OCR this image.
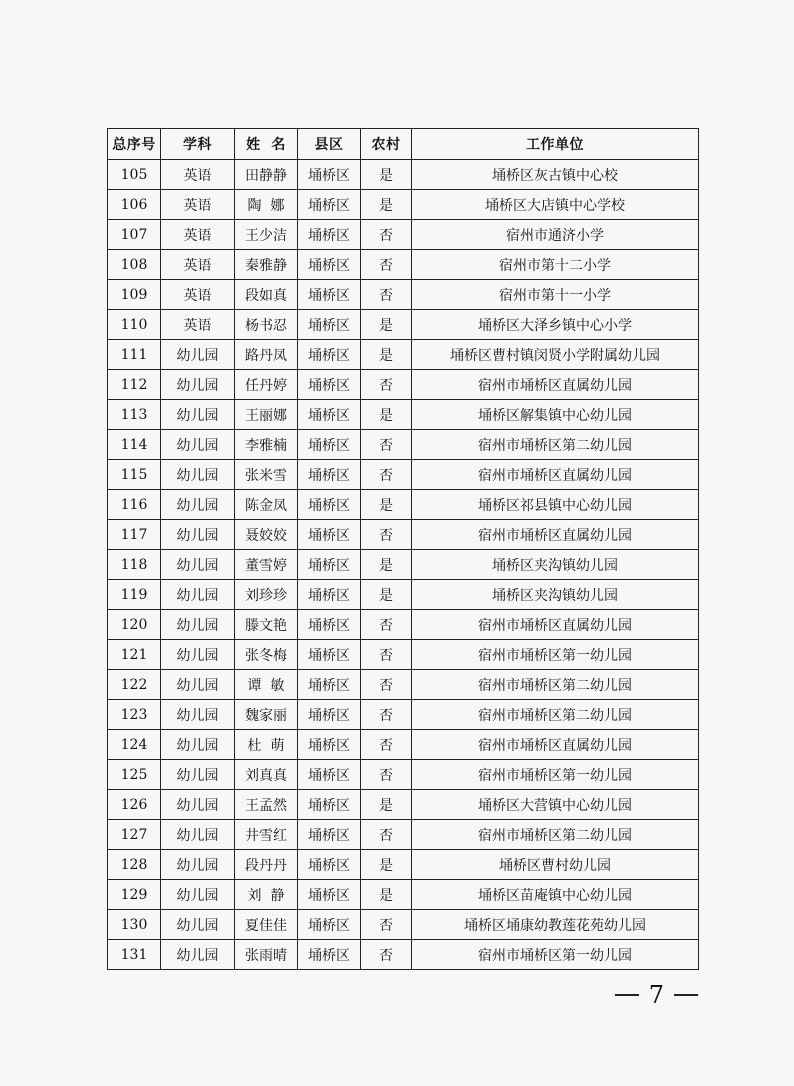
总序号	学科	姓  名	县区	农村	工作单位
105	英语	田静静	埇桥区	是	埇桥区灰古镇中心校
106	英语	陶  娜	埇桥区	是	埇桥区大店镇中心学校
107	英语	王少洁	埇桥区	否	宿州市通济小学
108	英语	秦雅静	埇桥区	否	宿州市第十二小学
109	英语	段如真	埇桥区	否	宿州市第十一小学
110	英语	杨书忍	埇桥区	是	埇桥区大泽乡镇中心小学
111	幼儿园	路丹凤	埇桥区	是	埇桥区曹村镇闵贤小学附属幼儿园
112	幼儿园	任丹婷	埇桥区	否	宿州市埇桥区直属幼儿园
113	幼儿园	王丽娜	埇桥区	是	埇桥区解集镇中心幼儿园
114	幼儿园	李雅楠	埇桥区	否	宿州市埇桥区第二幼儿园
115	幼儿园	张米雪	埇桥区	否	宿州市埇桥区直属幼儿园
116	幼儿园	陈金凤	埇桥区	是	埇桥区祁县镇中心幼儿园
117	幼儿园	聂姣姣	埇桥区	否	宿州市埇桥区直属幼儿园
118	幼儿园	董雪婷	埇桥区	是	埇桥区夹沟镇幼儿园
119	幼儿园	刘珍珍	埇桥区	是	埇桥区夹沟镇幼儿园
120	幼儿园	滕文艳	埇桥区	否	宿州市埇桥区直属幼儿园
121	幼儿园	张冬梅	埇桥区	否	宿州市埇桥区第一幼儿园
122	幼儿园	谭  敏	埇桥区	否	宿州市埇桥区第二幼儿园
123	幼儿园	魏家丽	埇桥区	否	宿州市埇桥区第二幼儿园
124	幼儿园	杜  萌	埇桥区	否	宿州市埇桥区直属幼儿园
125	幼儿园	刘真真	埇桥区	否	宿州市埇桥区第一幼儿园
126	幼儿园	王孟然	埇桥区	是	埇桥区大营镇中心幼儿园
127	幼儿园	井雪红	埇桥区	否	宿州市埇桥区第二幼儿园
128	幼儿园	段丹丹	埇桥区	是	埇桥区曹村幼儿园
129	幼儿园	刘  静	埇桥区	是	埇桥区苗庵镇中心幼儿园
130	幼儿园	夏佳佳	埇桥区	否	埇桥区埇康幼教莲花苑幼儿园
131	幼儿园	张雨晴	埇桥区	否	宿州市埇桥区第一幼儿园
7
